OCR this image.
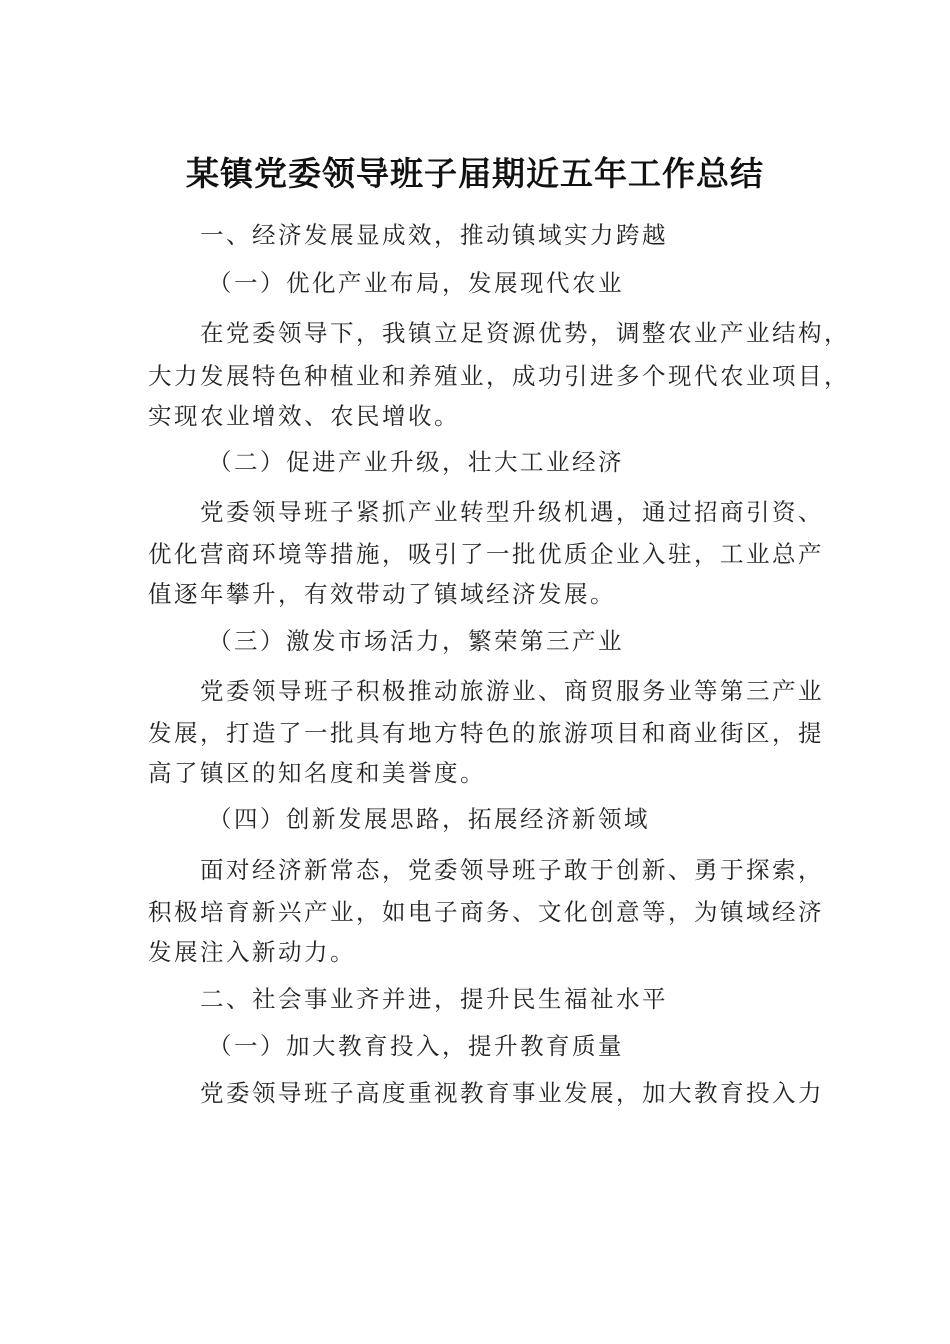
某镇党委领导班子届期近五年工作总结
一、经济发展显成效，推动镇域实力跨越
（一）优化产业布局，发展现代农业
在党委领导下，我镇立足资源优势，调整农业产业结构，
大力发展特色种植业和养殖业，成功引进多个现代农业项目，
实现农业增效、农民增收。
（二）促进产业升级，壮大工业经济
党委领导班子紧抓产业转型升级机遇，通过招商引资、
优化营商环境等措施，吸引了一批优质企业入驻，工业总产
值逐年攀升，有效带动了镇域经济发展。
（三）激发市场活力，繁荣第三产业
党委领导班子积极推动旅游业、商贸服务业等第三产业
发展，打造了一批具有地方特色的旅游项目和商业街区，提
高了镇区的知名度和美誉度。
（四）创新发展思路，拓展经济新领域
面对经济新常态，党委领导班子敢于创新、勇于探索，
积极培育新兴产业，如电子商务、文化创意等，为镇域经济
发展注入新动力。
二、社会事业齐并进，提升民生福祉水平
（一）加大教育投入，提升教育质量
党委领导班子高度重视教育事业发展，加大教育投入力
